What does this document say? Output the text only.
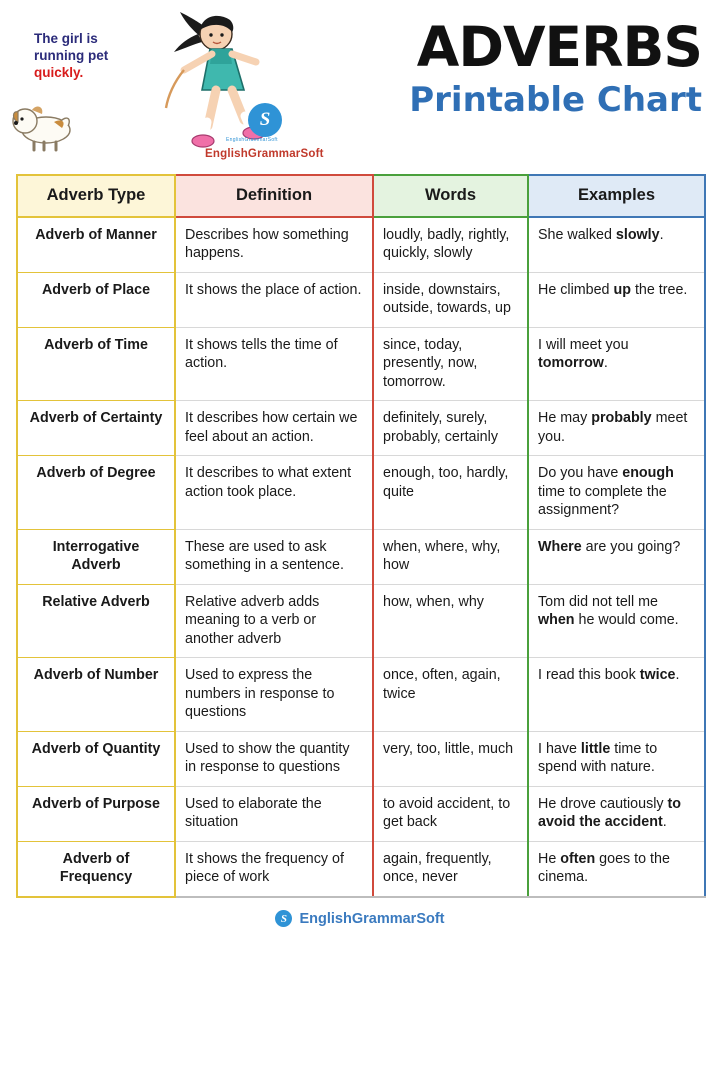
The girl is
running pet
quickly.
S
EnglishGrammarSoft
EnglishGrammarSoft
ADVERBS
Printable Chart
Adverb Type	Definition	Words	Examples
Adverb of Manner	Describes how something happens.	loudly, badly, rightly, quickly, slowly	She walked slowly.
Adverb of Place	It shows the place of action.	inside, downstairs, outside, towards, up	He climbed up the tree.
Adverb of Time	It shows tells the time of action.	since, today, presently, now, tomorrow.	I will meet you tomorrow.
Adverb of Certainty	It describes how certain we feel about an action.	definitely, surely, probably, certainly	He may probably meet you.
Adverb of Degree	It describes to what extent action took place.	enough, too, hardly, quite	Do you have enough time to complete the assignment?
Interrogative Adverb	These are used to ask something in a sentence.	when, where, why, how	Where are you going?
Relative Adverb	Relative adverb adds meaning to a verb or another adverb	how, when, why	Tom did not tell me when he would come.
Adverb of Number	Used to express the numbers in response to questions	once, often, again, twice	I read this book twice.
Adverb of Quantity	Used to show the quantity in response to questions	very, too, little, much	I have little time to spend with nature.
Adverb of Purpose	Used to elaborate the situation	to avoid accident, to get back	He drove cautiously to avoid the accident.
Adverb of Frequency	It shows the frequency of piece of work	again, frequently, once, never	He often goes to the cinema.
S EnglishGrammarSoft
